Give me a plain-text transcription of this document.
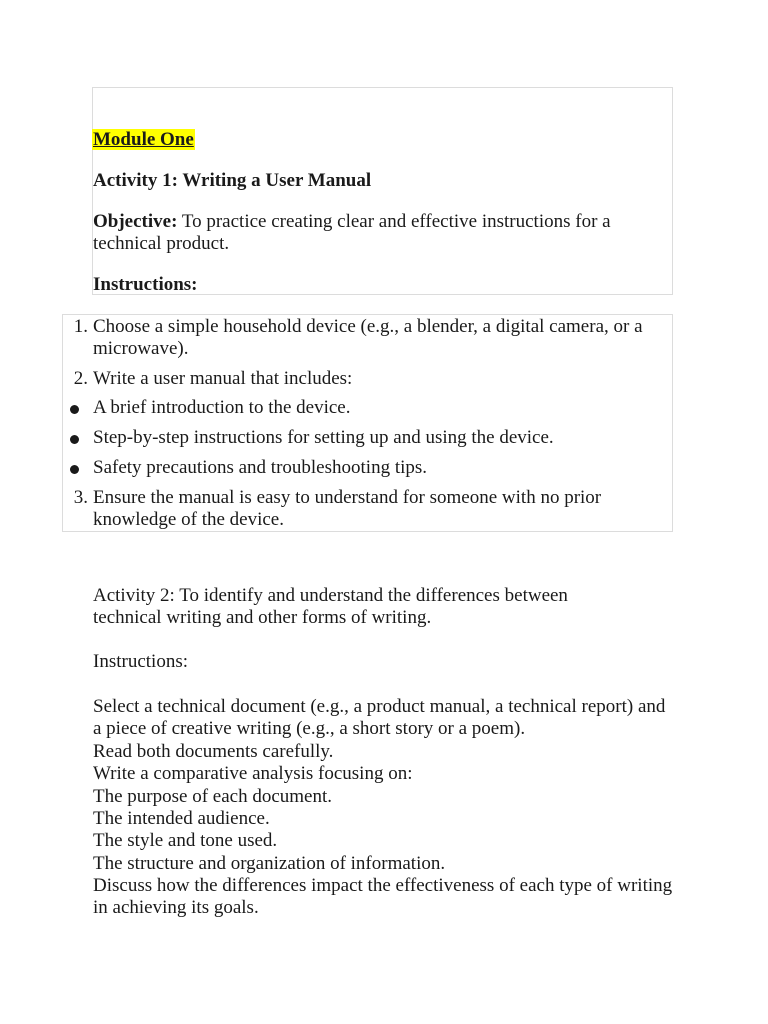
Module One
Activity 1: Writing a User Manual
Objective: To practice creating clear and effective instructions for a technical product.
Instructions:
1. Choose a simple household device (e.g., a blender, a digital camera, or a microwave).
2. Write a user manual that includes:
A brief introduction to the device.
Step-by-step instructions for setting up and using the device.
Safety precautions and troubleshooting tips.
3. Ensure the manual is easy to understand for someone with no prior knowledge of the device.
Activity 2: To identify and understand the differences between technical writing and other forms of writing.
Instructions:
Select a technical document (e.g., a product manual, a technical report) and a piece of creative writing (e.g., a short story or a poem).
Read both documents carefully.
Write a comparative analysis focusing on:
The purpose of each document.
The intended audience.
The style and tone used.
The structure and organization of information.
Discuss how the differences impact the effectiveness of each type of writing in achieving its goals.
